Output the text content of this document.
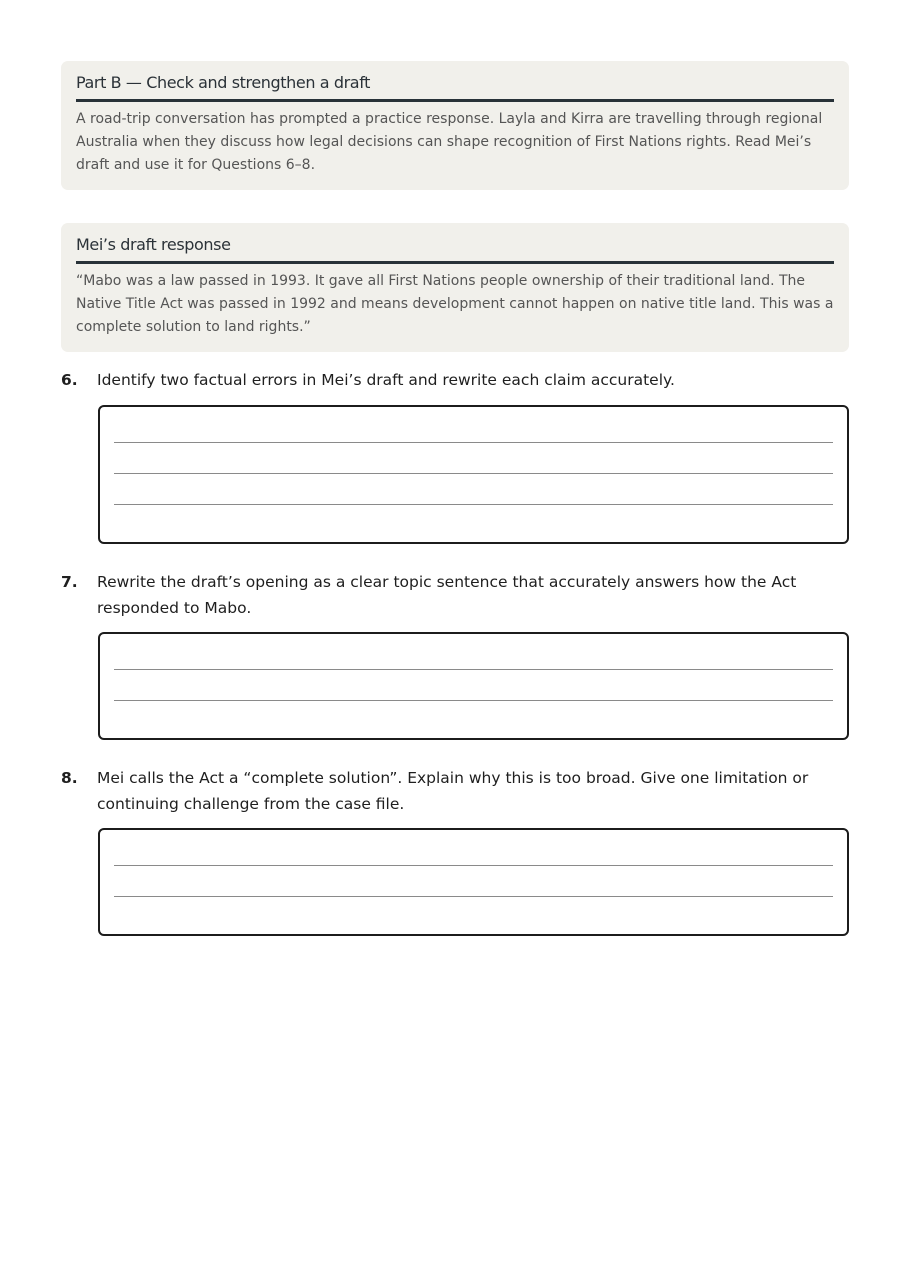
Part B — Check and strengthen a draft

A road-trip conversation has prompted a practice response. Layla and Kirra are travelling through regional Australia when they discuss how legal decisions can shape recognition of First Nations rights. Read Mei’s draft and use it for Questions 6–8.

Mei’s draft response

“Mabo was a law passed in 1993. It gave all First Nations people ownership of their traditional land. The Native Title Act was passed in 1992 and means development cannot happen on native title land. This was a complete solution to land rights.”

6. Identify two factual errors in Mei’s draft and rewrite each claim accurately.
7. Rewrite the draft’s opening as a clear topic sentence that accurately answers how the Act responded to Mabo.
8. Mei calls the Act a “complete solution”. Explain why this is too broad. Give one limitation or continuing challenge from the case file.
